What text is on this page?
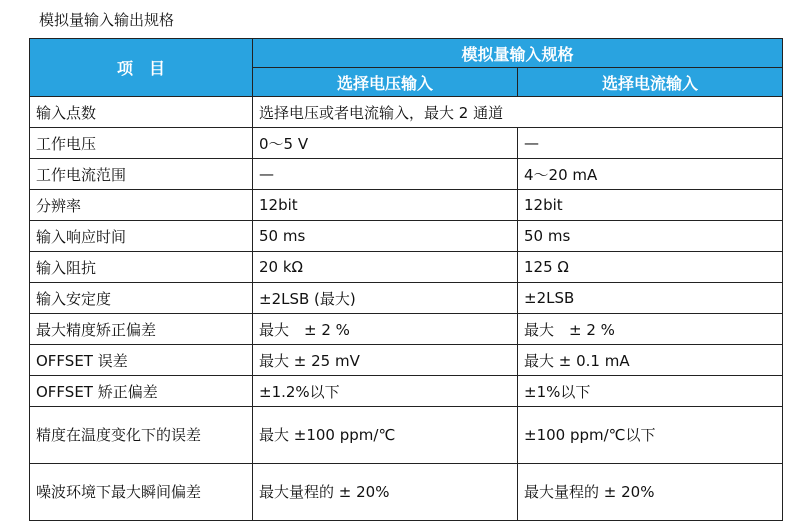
模拟量输入输出规格
项　目	模拟量输入规格	
	选择电压输入	选择电流输入
输入点数	选择电压或者电流输入，最大 2 通道	
工作电压	0～5 V	—
工作电流范围	—	4～20 mA
分辨率	12bit	12bit
输入响应时间	50 ms	50 ms
输入阻抗	20 kΩ	125 Ω
输入安定度	±2LSB (最大)	±2LSB
最大精度矫正偏差	最大　± 2 %	最大　± 2 %
OFFSET 误差	最大 ± 25 mV	最大 ± 0.1 mA
OFFSET 矫正偏差	±1.2%以下	±1%以下
精度在温度变化下的误差	最大 ±100 ppm/℃	±100 ppm/℃以下
噪波环境下最大瞬间偏差	最大量程的 ± 20%	最大量程的 ± 20%
